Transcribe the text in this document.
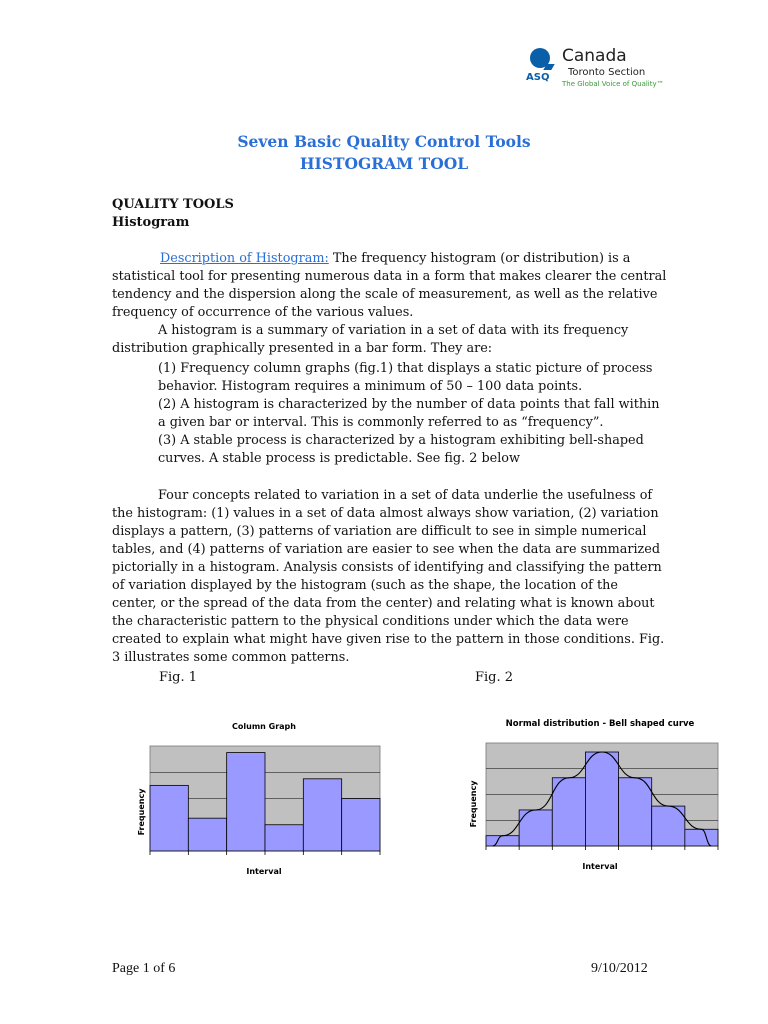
ASQ
Canada
Toronto Section
The Global Voice of Quality™
Seven Basic Quality Control Tools
HISTOGRAM TOOL
QUALITY TOOLS
Histogram
Description of Histogram: The frequency histogram (or distribution) is a
statistical tool for presenting numerous data in a form that makes clearer the central
tendency and the dispersion along the scale of measurement, as well as the relative
frequency of occurrence of the various values.
A histogram is a summary of variation in a set of data with its frequency
distribution graphically presented in a bar form. They are:
(1) Frequency column graphs (fig.1) that displays a static picture of process
behavior. Histogram requires a minimum of 50 – 100 data points.
(2) A histogram is characterized by the number of data points that fall within
a given bar or interval. This is commonly referred to as “frequency”.
(3) A stable process is characterized by a histogram exhibiting bell-shaped
curves. A stable process is predictable. See fig. 2 below
Four concepts related to variation in a set of data underlie the usefulness of
the histogram: (1) values in a set of data almost always show variation, (2) variation
displays a pattern, (3) patterns of variation are difficult to see in simple numerical
tables, and (4) patterns of variation are easier to see when the data are summarized
pictorially in a histogram. Analysis consists of identifying and classifying the pattern
of variation displayed by the histogram (such as the shape, the location of the
center, or the spread of the data from the center) and relating what is known about
the characteristic pattern to the physical conditions under which the data were
created to explain what might have given rise to the pattern in those conditions. Fig.
3 illustrates some common patterns.
Fig. 1	Fig. 2
Column Graph
Interval
Frequency
Normal distribution - Bell shaped curve
Interval
Frequency
Page 1 of 6	9/10/2012
